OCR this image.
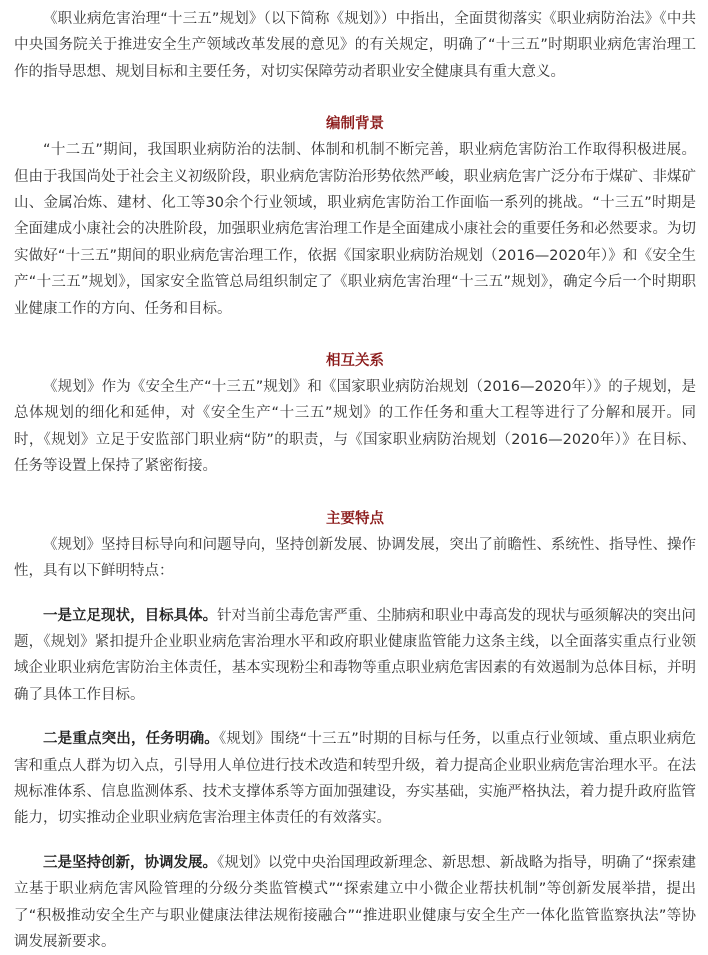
《职业病危害治理“十三五”规划》（以下简称《规划》）中指出，全面贯彻落实《职业病防治法》《中共中央国务院关于推进安全生产领域改革发展的意见》的有关规定，明确了“十三五”时期职业病危害治理工作的指导思想、规划目标和主要任务，对切实保障劳动者职业安全健康具有重大意义。

编制背景

“十二五”期间，我国职业病防治的法制、体制和机制不断完善，职业病危害防治工作取得积极进展。但由于我国尚处于社会主义初级阶段，职业病危害防治形势依然严峻，职业病危害广泛分布于煤矿、非煤矿山、金属冶炼、建材、化工等30余个行业领域，职业病危害防治工作面临一系列的挑战。“十三五”时期是全面建成小康社会的决胜阶段，加强职业病危害治理工作是全面建成小康社会的重要任务和必然要求。为切实做好“十三五”期间的职业病危害治理工作，依据《国家职业病防治规划（2016—2020年）》和《安全生产“十三五”规划》，国家安全监管总局组织制定了《职业病危害治理“十三五”规划》，确定今后一个时期职业健康工作的方向、任务和目标。

相互关系

《规划》作为《安全生产“十三五”规划》和《国家职业病防治规划（2016—2020年）》的子规划，是总体规划的细化和延伸，对《安全生产“十三五”规划》的工作任务和重大工程等进行了分解和展开。同时，《规划》立足于安监部门职业病“防”的职责，与《国家职业病防治规划（2016—2020年）》在目标、任务等设置上保持了紧密衔接。

主要特点

《规划》坚持目标导向和问题导向，坚持创新发展、协调发展，突出了前瞻性、系统性、指导性、操作性，具有以下鲜明特点：

一是立足现状，目标具体。针对当前尘毒危害严重、尘肺病和职业中毒高发的现状与亟须解决的突出问题，《规划》紧扣提升企业职业病危害治理水平和政府职业健康监管能力这条主线，以全面落实重点行业领域企业职业病危害防治主体责任，基本实现粉尘和毒物等重点职业病危害因素的有效遏制为总体目标，并明确了具体工作目标。

二是重点突出，任务明确。《规划》围绕“十三五”时期的目标与任务，以重点行业领域、重点职业病危害和重点人群为切入点，引导用人单位进行技术改造和转型升级，着力提高企业职业病危害治理水平。在法规标准体系、信息监测体系、技术支撑体系等方面加强建设，夯实基础，实施严格执法，着力提升政府监管能力，切实推动企业职业病危害治理主体责任的有效落实。

三是坚持创新，协调发展。《规划》以党中央治国理政新理念、新思想、新战略为指导，明确了“探索建立基于职业病危害风险管理的分级分类监管模式”“探索建立中小微企业帮扶机制”等创新发展举措，提出了“积极推动安全生产与职业健康法律法规衔接融合”“推进职业健康与安全生产一体化监管监察执法”等协调发展新要求。
